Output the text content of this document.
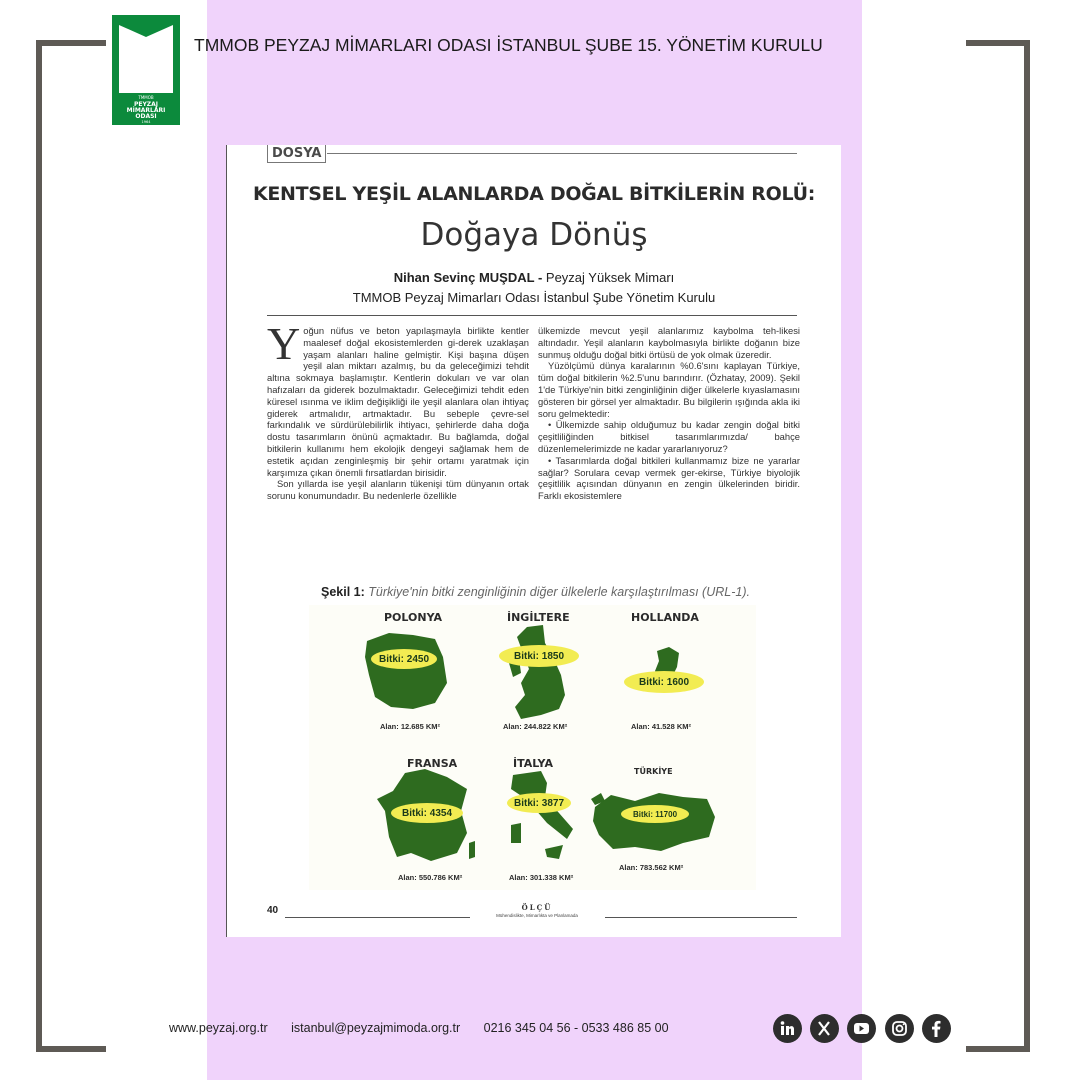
TMMOB
PEYZAJ
MİMARLARI
ODASI
1964
TMMOB PEYZAJ MİMARLARI ODASI İSTANBUL ŞUBE 15. YÖNETİM KURULU
DOSYA
KENTSEL YEŞİL ALANLARDA DOĞAL BİTKİLERİN ROLÜ:
Doğaya Dönüş
Nihan Sevinç MUŞDAL - Peyzaj Yüksek Mimarı
TMMOB Peyzaj Mimarları Odası İstanbul Şube Yönetim Kurulu

Yoğun nüfus ve beton yapılaşmayla birlikte kentler maalesef doğal ekosistemlerden gi-derek uzaklaşan yaşam alanları haline gelmiştir. Kişi başına düşen yeşil alan miktarı azalmış, bu da geleceğimizi tehdit altına sokmaya başlamıştır. Kentlerin dokuları ve var olan hafızaları da giderek bozulmaktadır. Geleceğimizi tehdit eden küresel ısınma ve iklim değişikliği ile yeşil alanlara olan ihtiyaç giderek artmalıdır, artmaktadır. Bu sebeple çevre-sel farkındalık ve sürdürülebilirlik ihtiyacı, şehirlerde daha doğa dostu tasarımların önünü açmaktadır. Bu bağlamda, doğal bitkilerin kullanımı hem ekolojik dengeyi sağlamak hem de estetik açıdan zenginleşmiş bir şehir ortamı yaratmak için karşımıza çıkan önemli fırsatlardan birisidir.

Son yıllarda ise yeşil alanların tükenişi tüm dünyanın ortak sorunu konumundadır. Bu nedenlerle özellikle

ülkemizde mevcut yeşil alanlarımız kaybolma teh-likesi altındadır. Yeşil alanların kaybolmasıyla birlikte doğanın bize sunmuş olduğu doğal bitki örtüsü de yok olmak üzeredir.

Yüzölçümü dünya karalarının %0.6'sını kaplayan Türkiye, tüm doğal bitkilerin %2.5'unu barındırır. (Özhatay, 2009). Şekil 1'de Türkiye'nin bitki zenginliğinin diğer ülkelerle kıyaslamasını gösteren bir görsel yer almaktadır. Bu bilgilerin ışığında akla iki soru gelmektedir:

• Ülkemizde sahip olduğumuz bu kadar zengin doğal bitki çeşitliliğinden bitkisel tasarımlarımızda/ bahçe düzenlemelerimizde ne kadar yararlanıyoruz?

• Tasarımlarda doğal bitkileri kullanmamız bize ne yararlar sağlar? Sorulara cevap vermek ger-ekirse, Türkiye biyolojik çeşitlilik açısından dünyanın en zengin ülkelerinden biridir. Farklı ekosistemlere

Şekil 1: Türkiye'nin bitki zenginliğinin diğer ülkelerle karşılaştırılması (URL-1).
POLONYA
Bitki: 2450
Alan: 12.685 KM²
İNGİLTERE
Bitki: 1850
Alan: 244.822 KM²
HOLLANDA
Bitki: 1600
Alan: 41.528 KM²
FRANSA
Bitki: 4354
Alan: 550.786 KM²
İTALYA
Bitki: 3877
Alan: 301.338 KM²
TÜRKİYE
Bitki: 11700
Alan: 783.562 KM²
40	ÖLÇÜ
Mühendislikte, Mimarlıkta ve Planlamada
www.peyzaj.org.tr istanbul@peyzajmimoda.org.tr 0216 345 04 56 - 0533 486 85 00
